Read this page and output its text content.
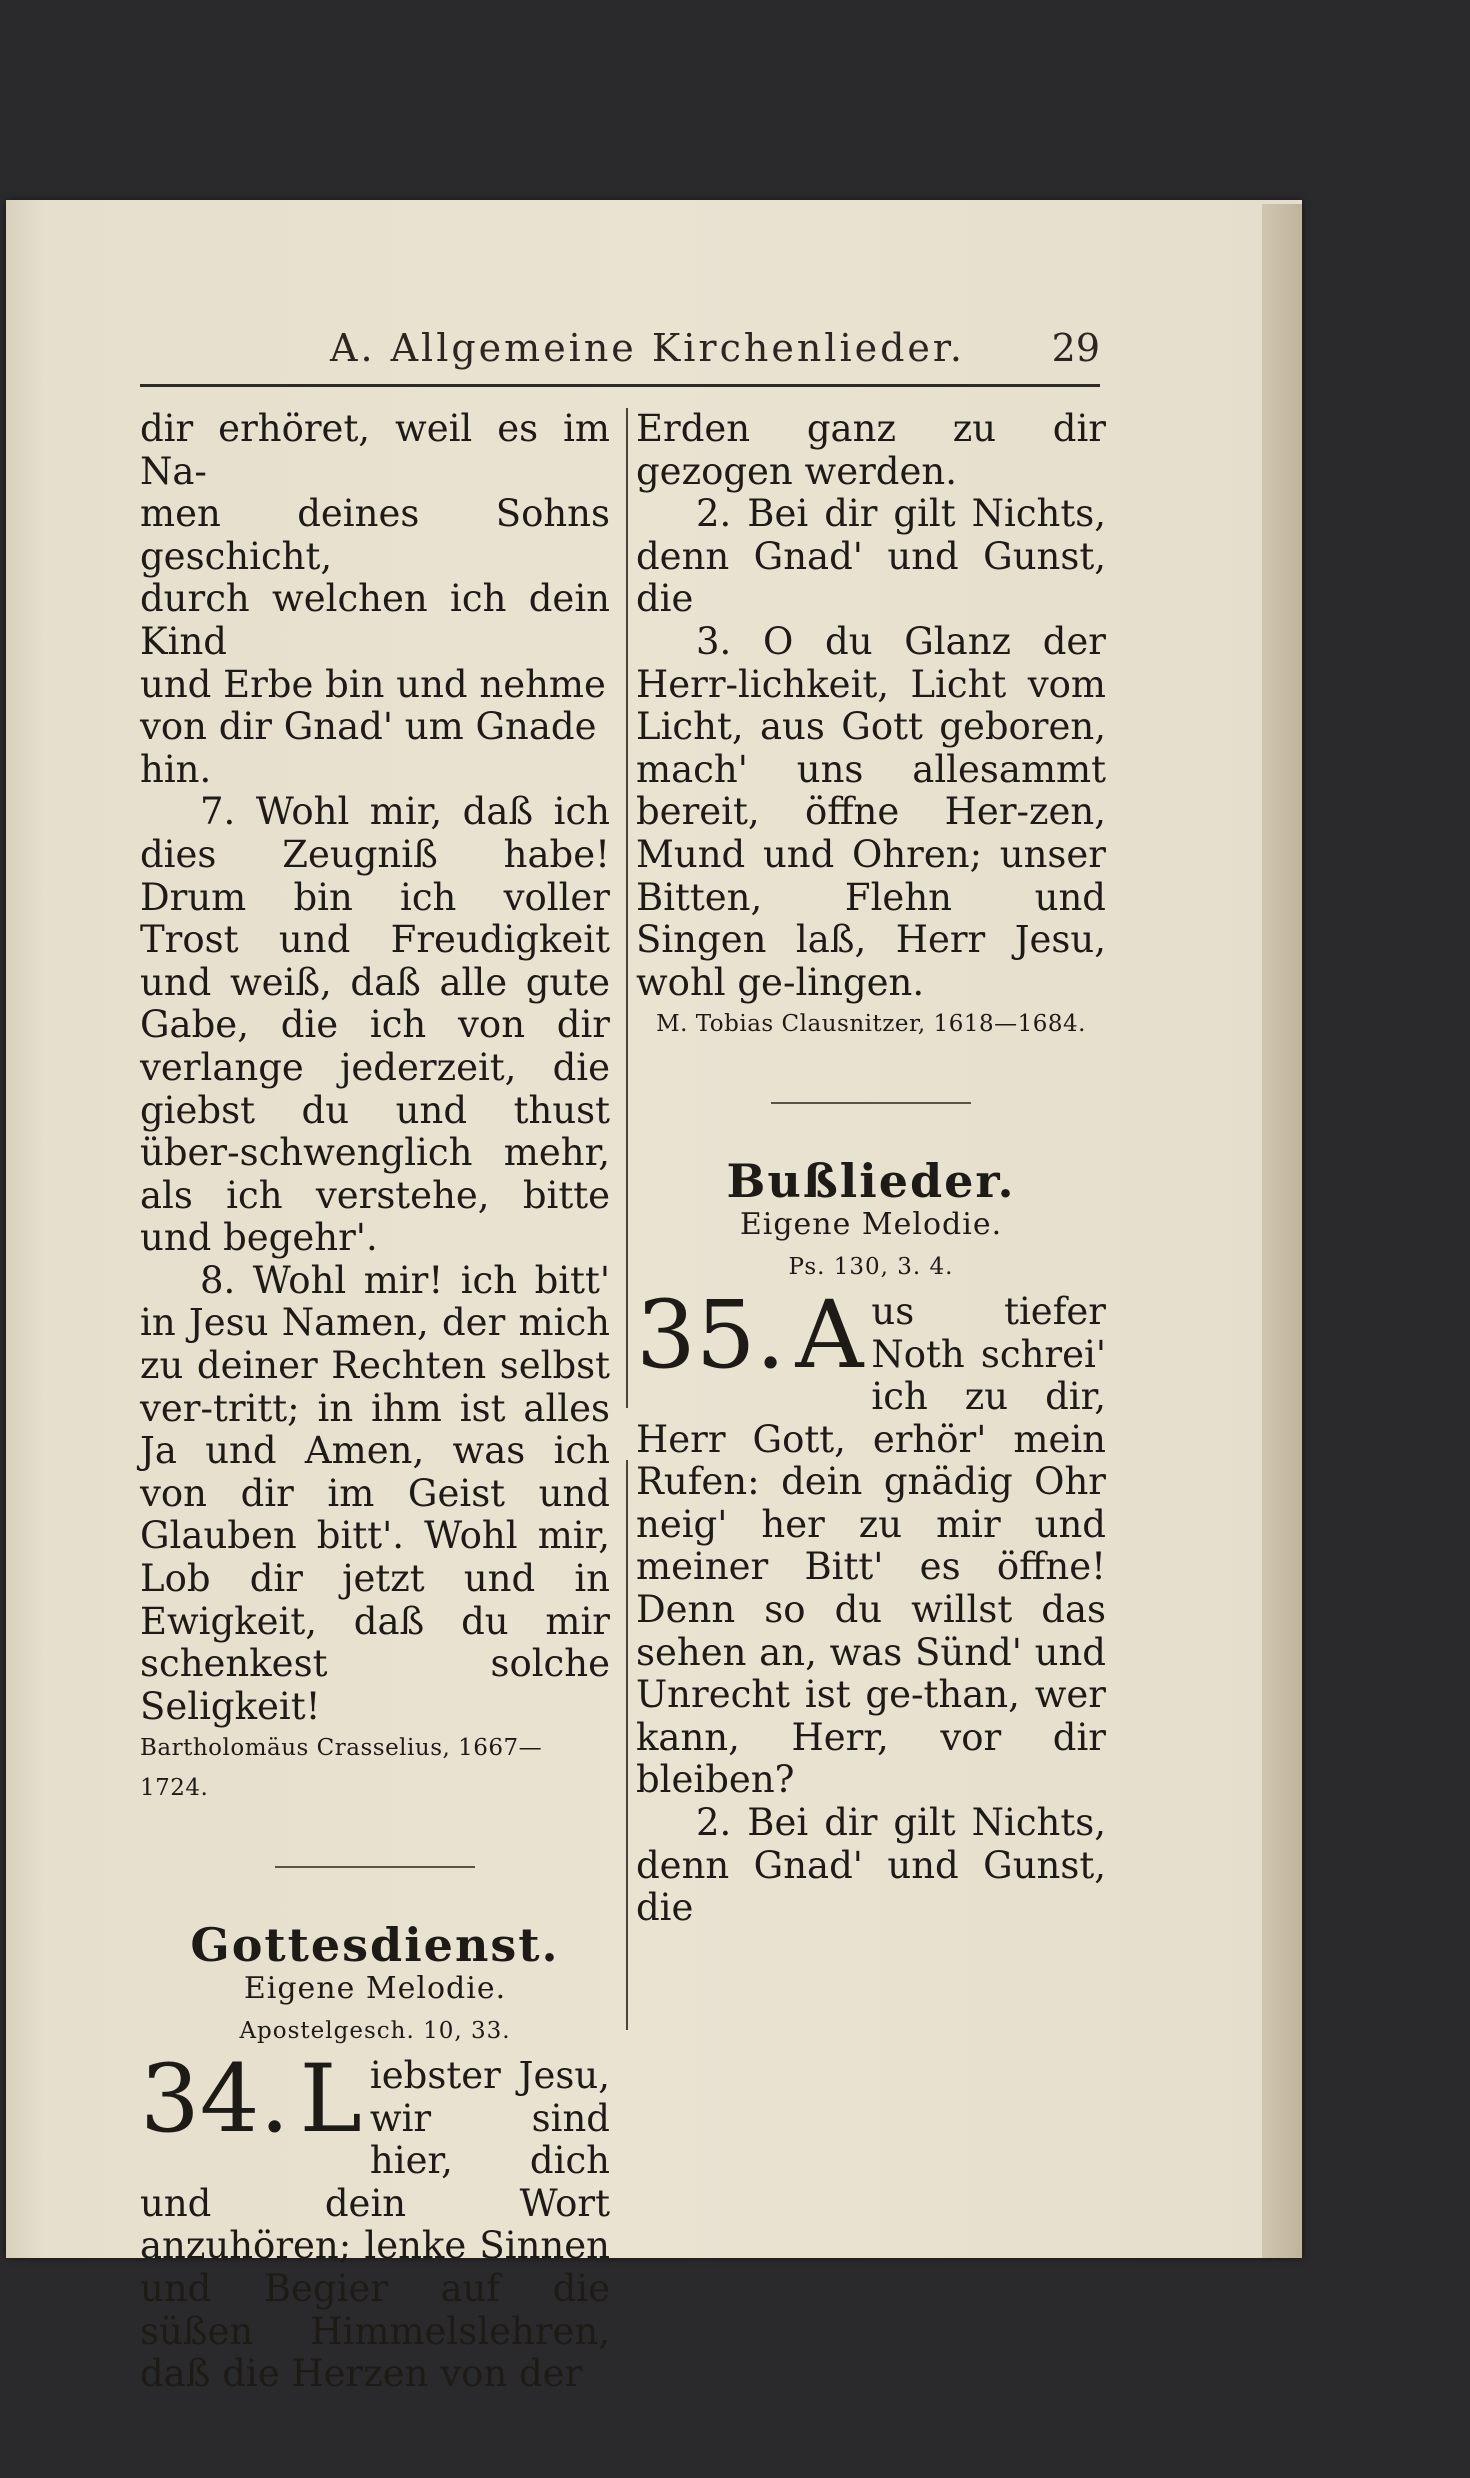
A. Allgemeine Kirchenlieder. 29

dir erhöret, weil es im Na-

men deines Sohns geschicht,

durch welchen ich dein Kind

und Erbe bin und nehme

von dir Gnad' um Gnade

hin.

7. Wohl mir, daß ich dies Zeugniß habe! Drum bin ich voller Trost und Freudigkeit und weiß, daß alle gute Gabe, die ich von dir verlange jederzeit, die giebst du und thust über-schwenglich mehr, als ich verstehe, bitte und begehr'.

8. Wohl mir! ich bitt' in Jesu Namen, der mich zu deiner Rechten selbst ver-tritt; in ihm ist alles Ja und Amen, was ich von dir im Geist und Glauben bitt'. Wohl mir, Lob dir jetzt und in Ewigkeit, daß du mir schenkest solche Seligkeit!

Bartholomäus Crasselius, 1667—1724.

Gottesdienst.

Eigene Melodie.

Apostelgesch. 10, 33.

34. L iebster Jesu, wir sind hier, dich und dein Wort anzuhören; lenke Sinnen und Begier auf die süßen Himmelslehren, daß die Herzen von der

Erden ganz zu dir gezogen werden.

2. Bei dir gilt Nichts, denn Gnad' und Gunst, die

3. O du Glanz der Herr-lichkeit, Licht vom Licht, aus Gott geboren, mach' uns allesammt bereit, öffne Her-zen, Mund und Ohren; unser Bitten, Flehn und Singen laß, Herr Jesu, wohl ge-lingen.

M. Tobias Clausnitzer, 1618—1684.

Bußlieder.

Eigene Melodie.

Ps. 130, 3. 4.

35. A us tiefer Noth schrei' ich zu dir, Herr Gott, erhör' mein Rufen: dein gnädig Ohr neig' her zu mir und meiner Bitt' es öffne! Denn so du willst das sehen an, was Sünd' und Unrecht ist ge-than, wer kann, Herr, vor dir bleiben?

2. Bei dir gilt Nichts, denn Gnad' und Gunst, die
